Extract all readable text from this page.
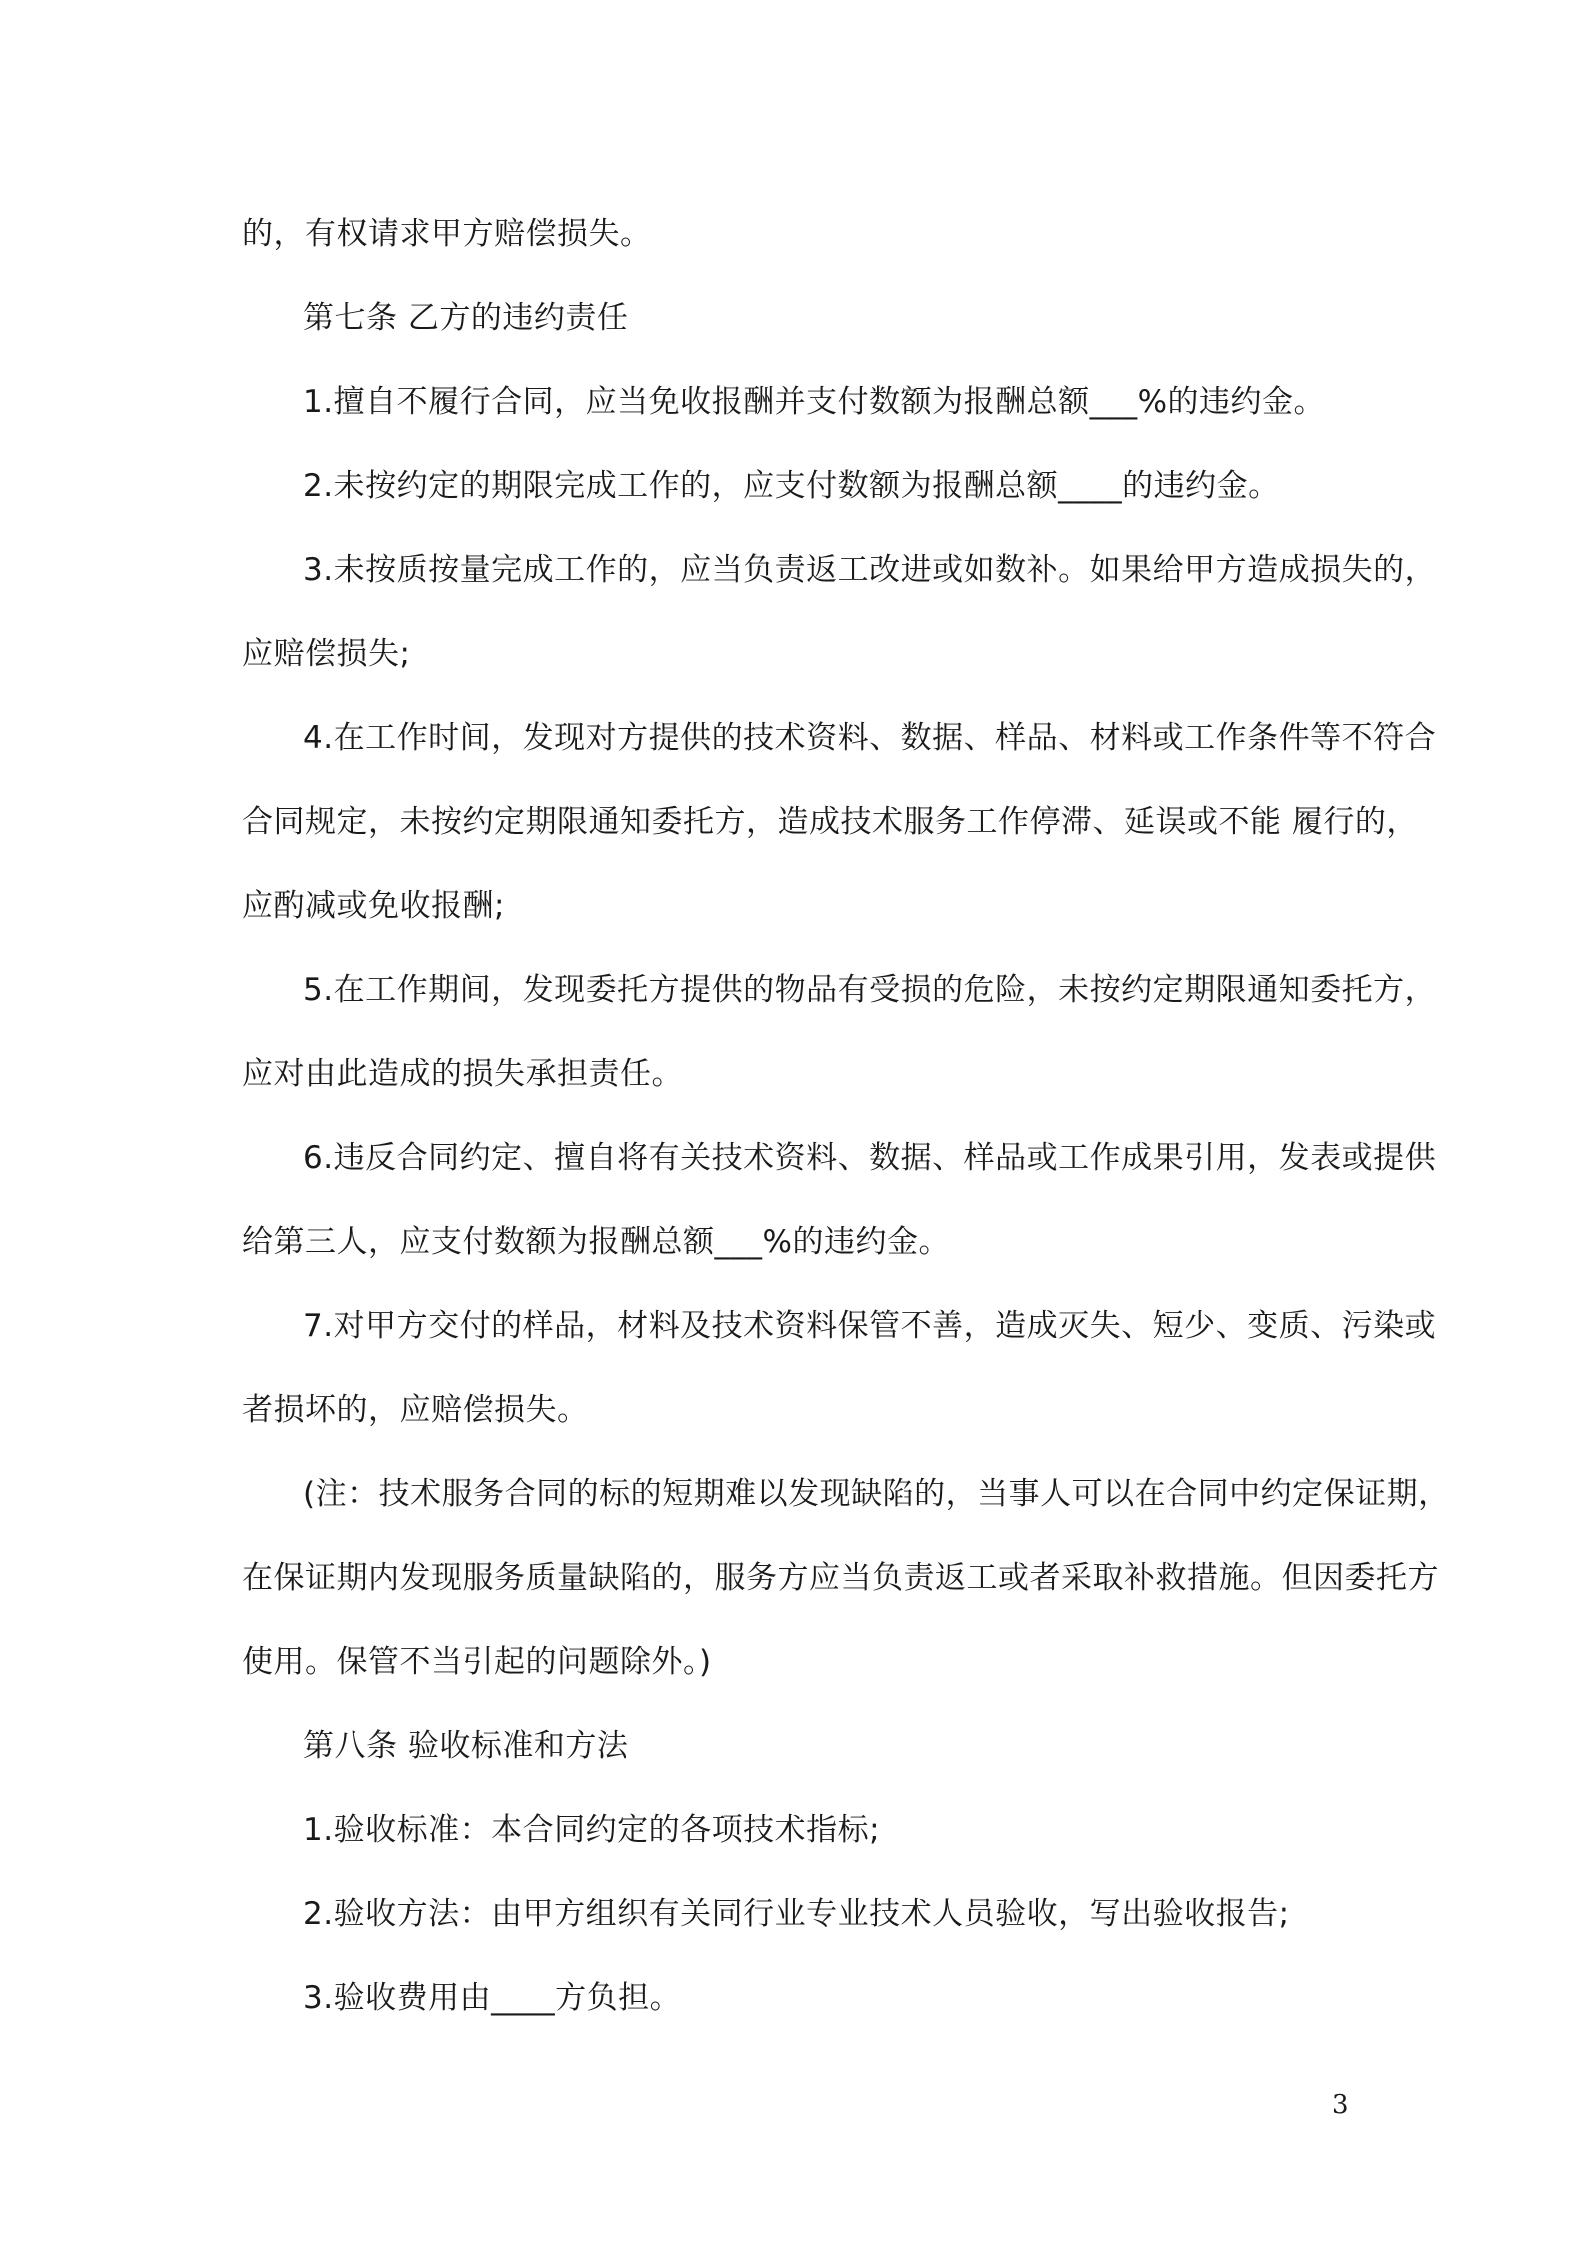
的，有权请求甲方赔偿损失。
第七条 乙方的违约责任
1.擅自不履行合同，应当免收报酬并支付数额为报酬总额___%的违约金。
2.未按约定的期限完成工作的，应支付数额为报酬总额____的违约金。
3.未按质按量完成工作的，应当负责返工改进或如数补。如果给甲方造成损失的，
应赔偿损失;
4.在工作时间，发现对方提供的技术资料、数据、样品、材料或工作条件等不符合
合同规定，未按约定期限通知委托方，造成技术服务工作停滞、延误或不能 履行的，
应酌减或免收报酬;
5.在工作期间，发现委托方提供的物品有受损的危险，未按约定期限通知委托方，
应对由此造成的损失承担责任。
6.违反合同约定、擅自将有关技术资料、数据、样品或工作成果引用，发表或提供
给第三人，应支付数额为报酬总额___%的违约金。
7.对甲方交付的样品，材料及技术资料保管不善，造成灭失、短少、变质、污染或
者损坏的，应赔偿损失。
(注：技术服务合同的标的短期难以发现缺陷的，当事人可以在合同中约定保证期，
在保证期内发现服务质量缺陷的，服务方应当负责返工或者采取补救措施。但因委托方
使用。保管不当引起的问题除外。)
第八条 验收标准和方法
1.验收标准：本合同约定的各项技术指标;
2.验收方法：由甲方组织有关同行业专业技术人员验收，写出验收报告;
3.验收费用由____方负担。
3
